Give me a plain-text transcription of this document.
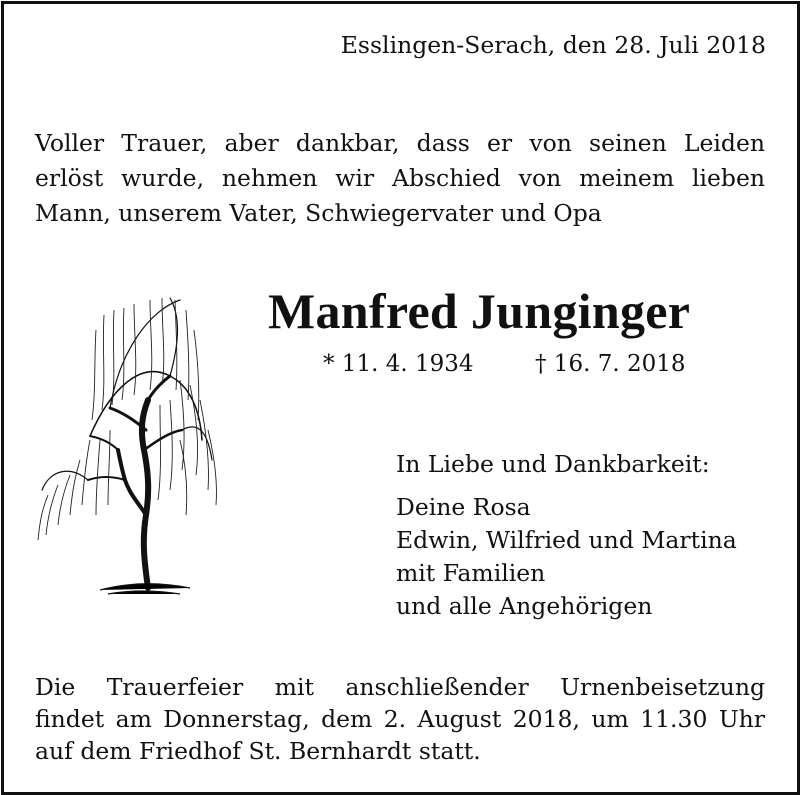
Esslingen-Serach, den 28. Juli 2018
Voller Trauer, aber dankbar, dass er von seinen Leiden
erlöst wurde, nehmen wir Abschied von meinem lieben
Mann, unserem Vater, Schwiegervater und Opa
Manfred Junginger
* 11. 4. 1934	† 16. 7. 2018
In Liebe und Dankbarkeit:
Deine Rosa
Edwin, Wilfried und Martina
mit Familien
und alle Angehörigen
Die Trauerfeier mit anschließender Urnenbeisetzung
findet am Donnerstag, dem 2. August 2018, um 11.30 Uhr
auf dem Friedhof St. Bernhardt statt.
